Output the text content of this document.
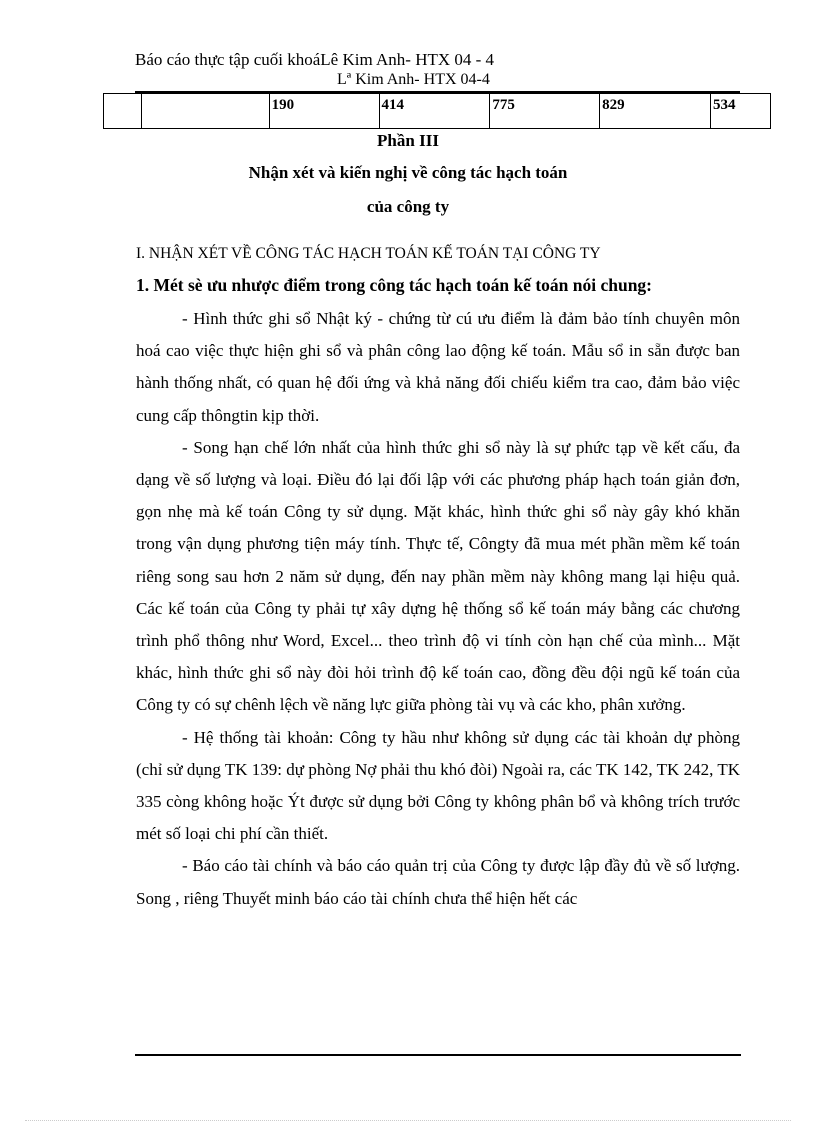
Báo cáo thực tập cuối khoáLê Kim Anh- HTX 04 - 4
Lª Kim Anh- HTX 04-4
		190	414	775	829	534
Phần III
Nhận xét và kiến nghị về công tác hạch toán
của công ty
I. NHẬN XÉT VỀ CÔNG TÁC HẠCH TOÁN KẾ TOÁN TẠI CÔNG TY
1. Mét sè ưu nhược điểm trong công tác hạch toán kế toán nói chung:

- Hình thức ghi sổ Nhật ký - chứng từ cú ưu điểm là đảm bảo tính chuyên môn hoá cao việc thực hiện ghi sổ và phân công lao động kế toán. Mẫu sổ in sẵn được ban hành thống nhất, có quan hệ đối ứng và khả năng đối chiếu kiểm tra cao, đảm bảo việc cung cấp thôngtin kịp thời.

- Song hạn chế lớn nhất của hình thức ghi sổ này là sự phức tạp về kết cấu, đa dạng về số lượng và loại. Điều đó lại đối lập với các phương pháp hạch toán giản đơn, gọn nhẹ mà kế toán Công ty sử dụng. Mặt khác, hình thức ghi sổ này gây khó khăn trong vận dụng phương tiện máy tính. Thực tế, Côngty đã mua mét phần mềm kế toán riêng song sau hơn 2 năm sử dụng, đến nay phần mềm này không mang lại hiệu quả. Các kế toán của Công ty phải tự xây dựng hệ thống sổ kế toán máy bằng các chương trình phổ thông như Word, Excel... theo trình độ vi tính còn hạn chế của mình... Mặt khác, hình thức ghi sổ này đòi hỏi trình độ kế toán cao, đồng đều đội ngũ kế toán của Công ty có sự chênh lệch về năng lực giữa phòng tài vụ và các kho, phân xưởng.

- Hệ thống tài khoản: Công ty hầu như không sử dụng các tài khoản dự phòng (chỉ sử dụng TK 139: dự phòng Nợ phải thu khó đòi) Ngoài ra, các TK 142, TK 242, TK 335 còng không hoặc Ýt được sử dụng bởi Công ty không phân bổ và không trích trước mét số loại chi phí cần thiết.

- Báo cáo tài chính và báo cáo quản trị của Công ty được lập đầy đủ về số lượng. Song , riêng Thuyết minh báo cáo tài chính chưa thể hiện hết các
